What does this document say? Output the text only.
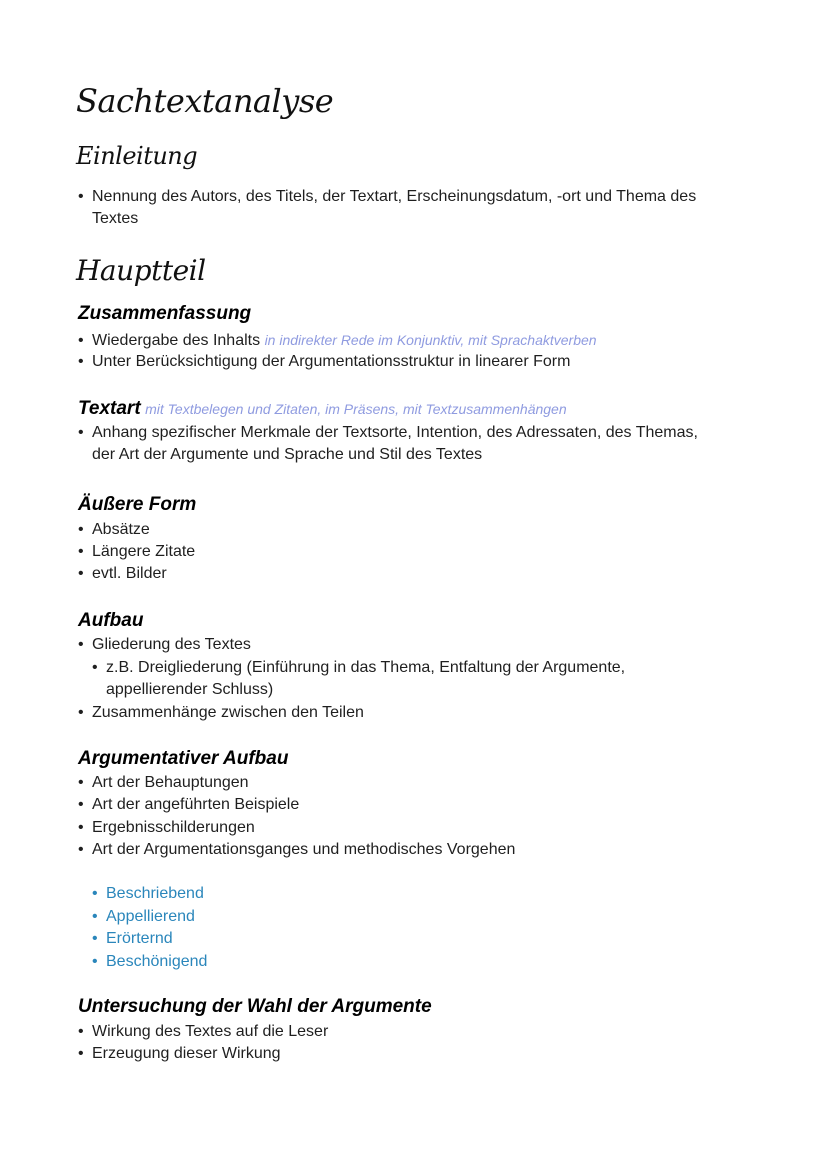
Sachtextanalyse
Einleitung
• Nennung des Autors, des Titels, der Textart, Erscheinungsdatum, -ort und Thema des
Textes
Hauptteil
Zusammenfassung
• Wiedergabe des Inhalts in indirekter Rede im Konjunktiv, mit Sprachaktverben
• Unter Berücksichtigung der Argumentationsstruktur in linearer Form
Textart mit Textbelegen und Zitaten, im Präsens, mit Textzusammenhängen
• Anhang spezifischer Merkmale der Textsorte, Intention, des Adressaten, des Themas,
der Art der Argumente und Sprache und Stil des Textes
Äußere Form
• Absätze
• Längere Zitate
• evtl. Bilder
Aufbau
• Gliederung des Textes
• z.B. Dreigliederung (Einführung in das Thema, Entfaltung der Argumente,
appellierender Schluss)
• Zusammenhänge zwischen den Teilen
Argumentativer Aufbau
• Art der Behauptungen
• Art der angeführten Beispiele
• Ergebnisschilderungen
• Art der Argumentationsganges und methodisches Vorgehen
• Beschriebend
• Appellierend
• Erörternd
• Beschönigend
Untersuchung der Wahl der Argumente
• Wirkung des Textes auf die Leser
• Erzeugung dieser Wirkung
